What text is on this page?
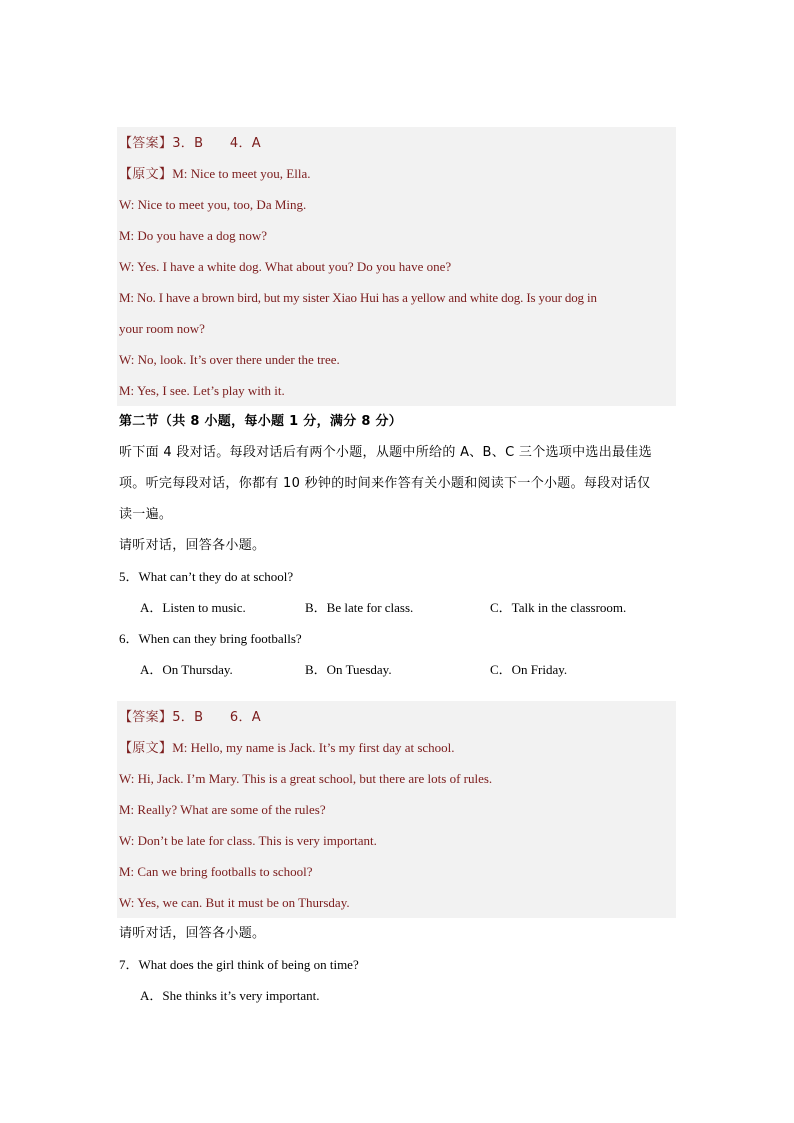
【答案】3．B　　4．A
【原文】M: Nice to meet you, Ella.
W: Nice to meet you, too, Da Ming.
M: Do you have a dog now?
W: Yes. I have a white dog. What about you? Do you have one?
M: No. I have a brown bird, but my sister Xiao Hui has a yellow and white dog. Is your dog in
your room now?
W: No, look. It’s over there under the tree.
M: Yes, I see. Let’s play with it.
第二节（共 8 小题，每小题 1 分，满分 8 分）
听下面 4 段对话。每段对话后有两个小题，从题中所给的 A、B、C 三个选项中选出最佳选
项。听完每段对话，你都有 10 秒钟的时间来作答有关小题和阅读下一个小题。每段对话仅
读一遍。
请听对话，回答各小题。
5．What can’t they do at school?
A．Listen to music.	B．Be late for class.	C．Talk in the classroom.
6．When can they bring footballs?
A．On Thursday.	B．On Tuesday.	C．On Friday.
【答案】5．B　　6．A
【原文】M: Hello, my name is Jack. It’s my first day at school.
W: Hi, Jack. I’m Mary. This is a great school, but there are lots of rules.
M: Really? What are some of the rules?
W: Don’t be late for class. This is very important.
M: Can we bring footballs to school?
W: Yes, we can. But it must be on Thursday.
请听对话，回答各小题。
7．What does the girl think of being on time?
A．She thinks it’s very important.
